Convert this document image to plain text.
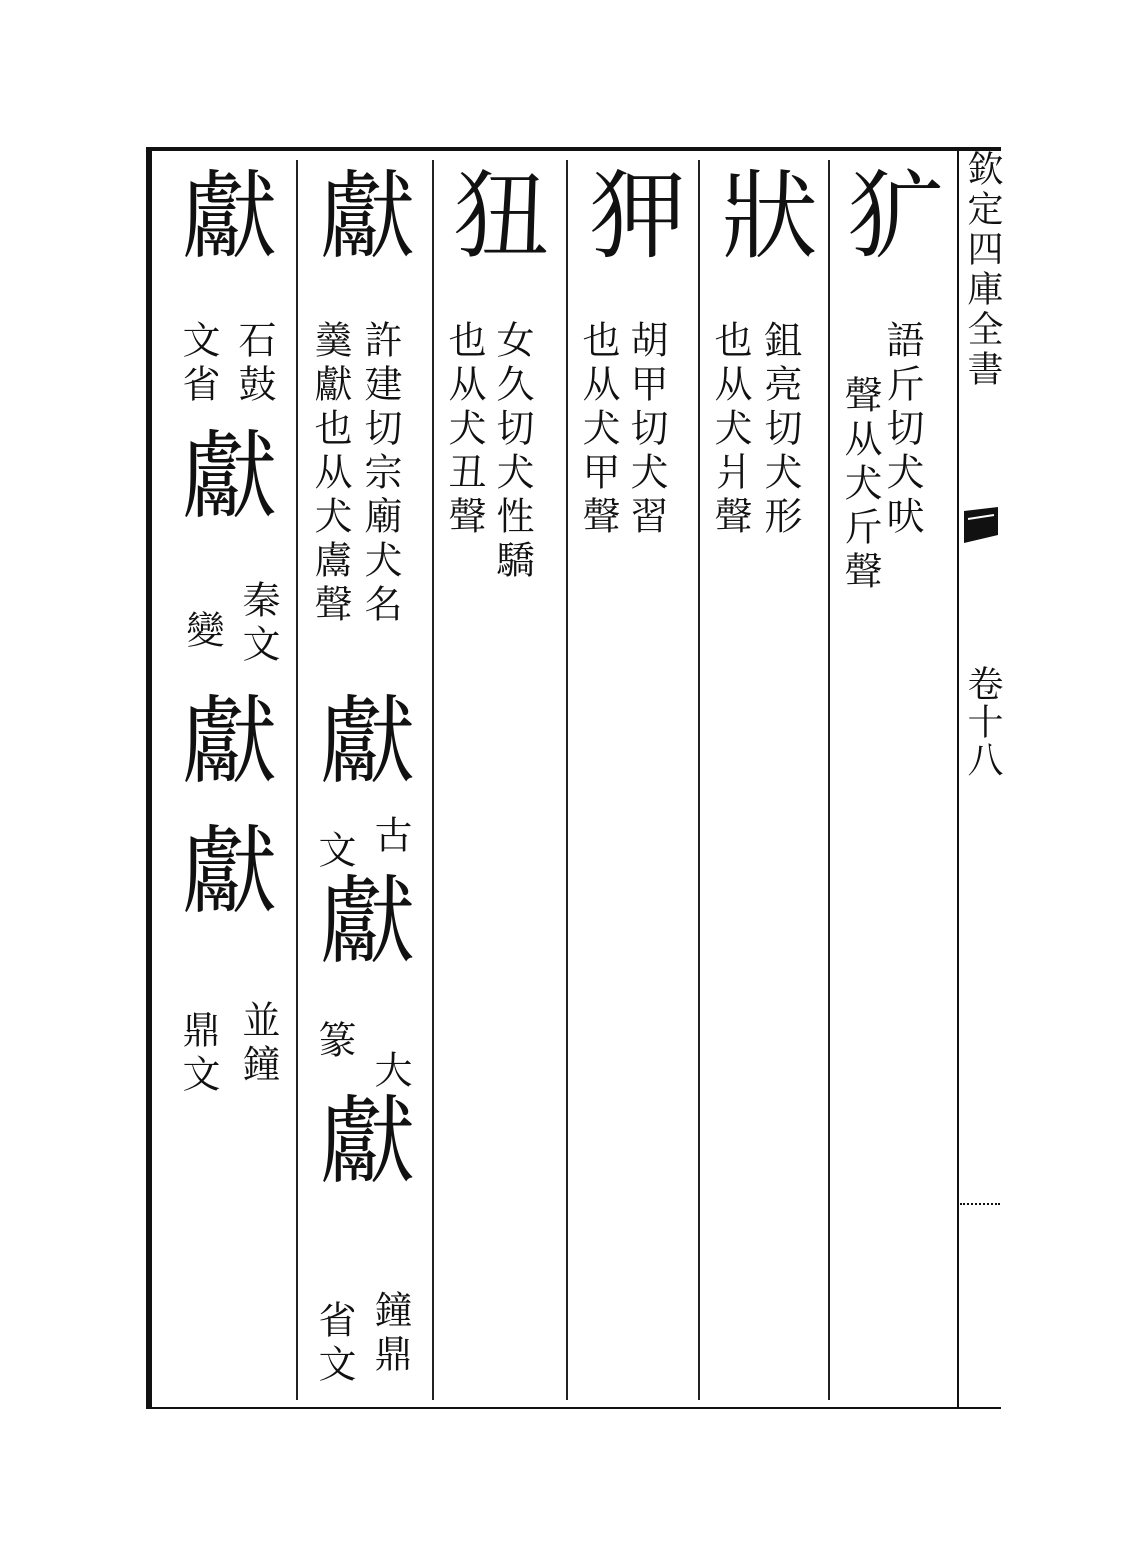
欽定四庫全書
卷十八
犷
語斤切犬吠
聲从犬斤聲
狀
鉏亮切犬形
也从犬爿聲
狎
胡甲切犬習
也从犬甲聲
狃
女久切犬性驕
也从犬丑聲
獻
許建切宗廟犬名
羹獻也从犬鬳聲
獻
古
文
獻
大
篆
獻
鐘鼎
省文
獻
石鼓
文省
獻
秦文
變
獻
獻
並鐘
鼎文
